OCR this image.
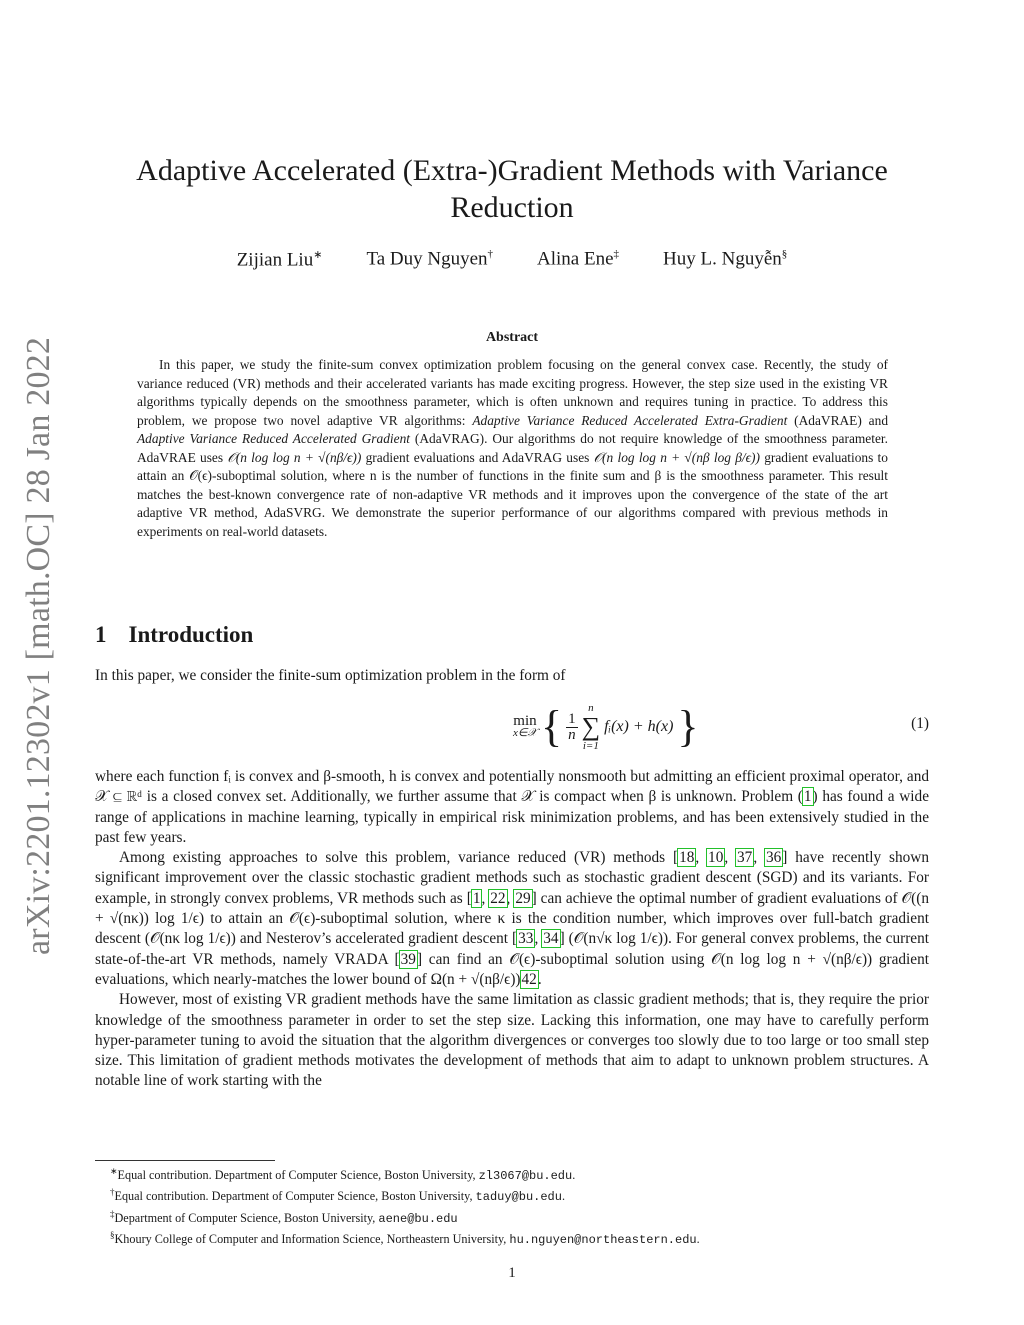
arXiv:2201.12302v1 [math.OC] 28 Jan 2022
Adaptive Accelerated (Extra-)Gradient Methods with Variance
Reduction
Zijian Liu∗ Ta Duy Nguyen† Alina Ene‡ Huy L. Nguyễn§
Abstract

In this paper, we study the finite-sum convex optimization problem focusing on the general convex case. Recently, the study of variance reduced (VR) methods and their accelerated variants has made exciting progress. However, the step size used in the existing VR algorithms typically depends on the smoothness parameter, which is often unknown and requires tuning in practice. To address this problem, we propose two novel adaptive VR algorithms: Adaptive Variance Reduced Accelerated Extra-Gradient (AdaVRAE) and Adaptive Variance Reduced Accelerated Gradient (AdaVRAG). Our algorithms do not require knowledge of the smoothness parameter. AdaVRAE uses 𝒪(n log log n + √(nβ/ϵ)) gradient evaluations and AdaVRAG uses 𝒪(n log log n + √(nβ log β/ϵ)) gradient evaluations to attain an 𝒪(ϵ)-suboptimal solution, where n is the number of functions in the finite sum and β is the smoothness parameter. This result matches the best-known convergence rate of non-adaptive VR methods and it improves upon the convergence of the state of the art adaptive VR method, AdaSVRG. We demonstrate the superior performance of our algorithms compared with previous methods in experiments on real-world datasets.

1 Introduction

In this paper, we consider the finite-sum optimization problem in the form of

min
x∈𝒳 { $\frac{1}{n}$
n
∑
i=1
fᵢ(x) + h(x) }	(1)

where each function fᵢ is convex and β-smooth, h is convex and potentially nonsmooth but admitting an efficient proximal operator, and 𝒳 ⊆ ℝᵈ is a closed convex set. Additionally, we further assume that 𝒳 is compact when β is unknown. Problem (1) has found a wide range of applications in machine learning, typically in empirical risk minimization problems, and has been extensively studied in the past few years.

Among existing approaches to solve this problem, variance reduced (VR) methods [18, 10, 37, 36] have recently shown significant improvement over the classic stochastic gradient methods such as stochastic gradient descent (SGD) and its variants. For example, in strongly convex problems, VR methods such as [1, 22, 29] can achieve the optimal number of gradient evaluations of 𝒪((n + √(nκ)) log 1/ϵ) to attain an 𝒪(ϵ)-suboptimal solution, where κ is the condition number, which improves over full-batch gradient descent (𝒪(nκ log 1/ϵ)) and Nesterov’s accelerated gradient descent [33, 34] (𝒪(n√κ log 1/ϵ)). For general convex problems, the current state-of-the-art VR methods, namely VRADA [39] can find an 𝒪(ϵ)-suboptimal solution using 𝒪(n log log n + √(nβ/ϵ)) gradient evaluations, which nearly-matches the lower bound of Ω(n + √(nβ/ϵ))42.

However, most of existing VR gradient methods have the same limitation as classic gradient methods; that is, they require the prior knowledge of the smoothness parameter in order to set the step size. Lacking this information, one may have to carefully perform hyper-parameter tuning to avoid the situation that the algorithm divergences or converges too slowly due to too large or too small step size. This limitation of gradient methods motivates the development of methods that aim to adapt to unknown problem structures. A notable line of work starting with the

∗Equal contribution. Department of Computer Science, Boston University, zl3067@bu.edu.
†Equal contribution. Department of Computer Science, Boston University, taduy@bu.edu.
‡Department of Computer Science, Boston University, aene@bu.edu
§Khoury College of Computer and Information Science, Northeastern University, hu.nguyen@northeastern.edu.
1
